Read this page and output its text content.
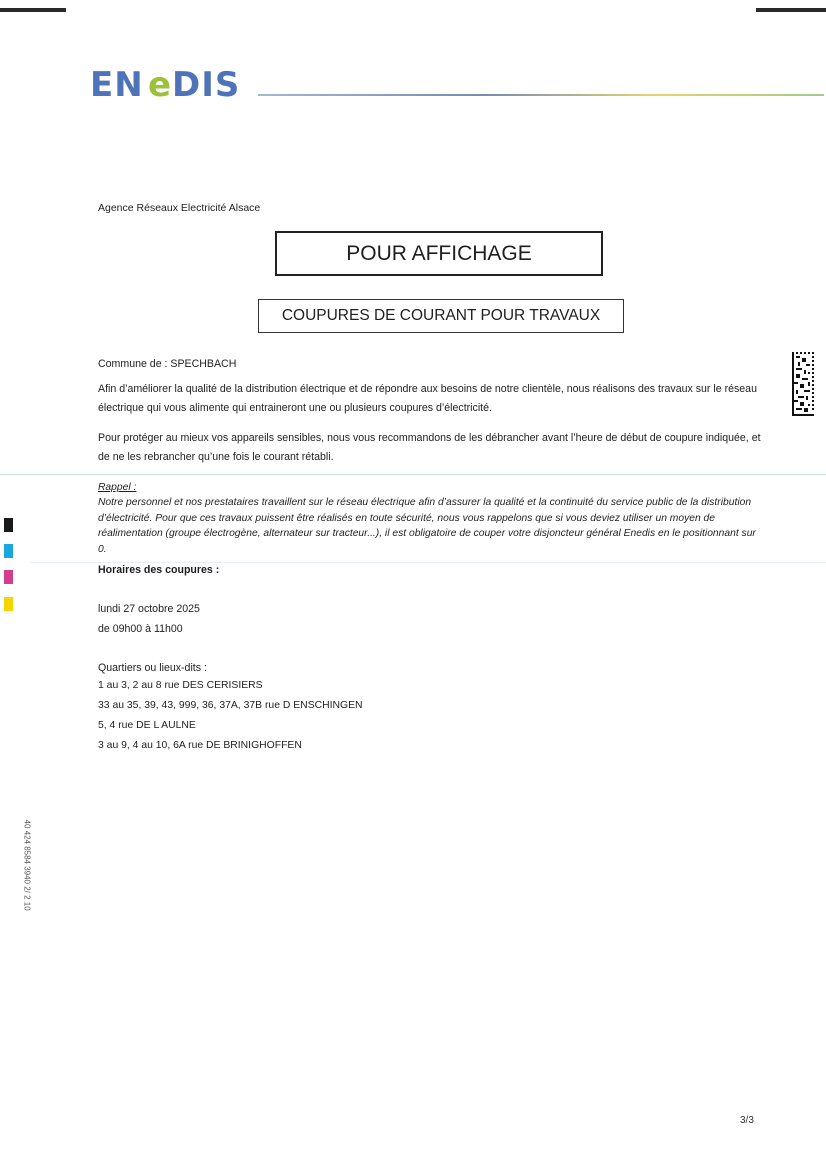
EN e DIS
Agence Réseaux Electricité Alsace
POUR AFFICHAGE
COUPURES DE COURANT POUR TRAVAUX
Commune de : SPECHBACH
Afin d’améliorer la qualité de la distribution électrique et de répondre aux besoins de notre clientèle, nous réalisons des travaux sur le réseau électrique qui vous alimente qui entraineront une ou plusieurs coupures d’électricité.
Pour protéger au mieux vos appareils sensibles, nous vous recommandons de les débrancher avant l’heure de début de coupure indiquée, et de ne les rebrancher qu’une fois le courant rétabli.
Rappel :
Notre personnel et nos prestataires travaillent sur le réseau électrique afin d’assurer la qualité et la continuité du service public de la distribution d’électricité. Pour que ces travaux puissent être réalisés en toute sécurité, nous vous rappelons que si vous deviez utiliser un moyen de réalimentation (groupe électrogène, alternateur sur tracteur...), il est obligatoire de couper votre disjoncteur général Enedis en le positionnant sur 0.
Horaires des coupures :
lundi 27 octobre 2025
de 09h00 à 11h00
Quartiers ou lieux-dits :
1 au 3, 2 au 8 rue DES CERISIERS
33 au 35, 39, 43, 999, 36, 37A, 37B rue D ENSCHINGEN
5, 4 rue DE L AULNE
3 au 9, 4 au 10, 6A rue DE BRINIGHOFFEN
40 424 8584 3940 2/ 2 10
3/3
